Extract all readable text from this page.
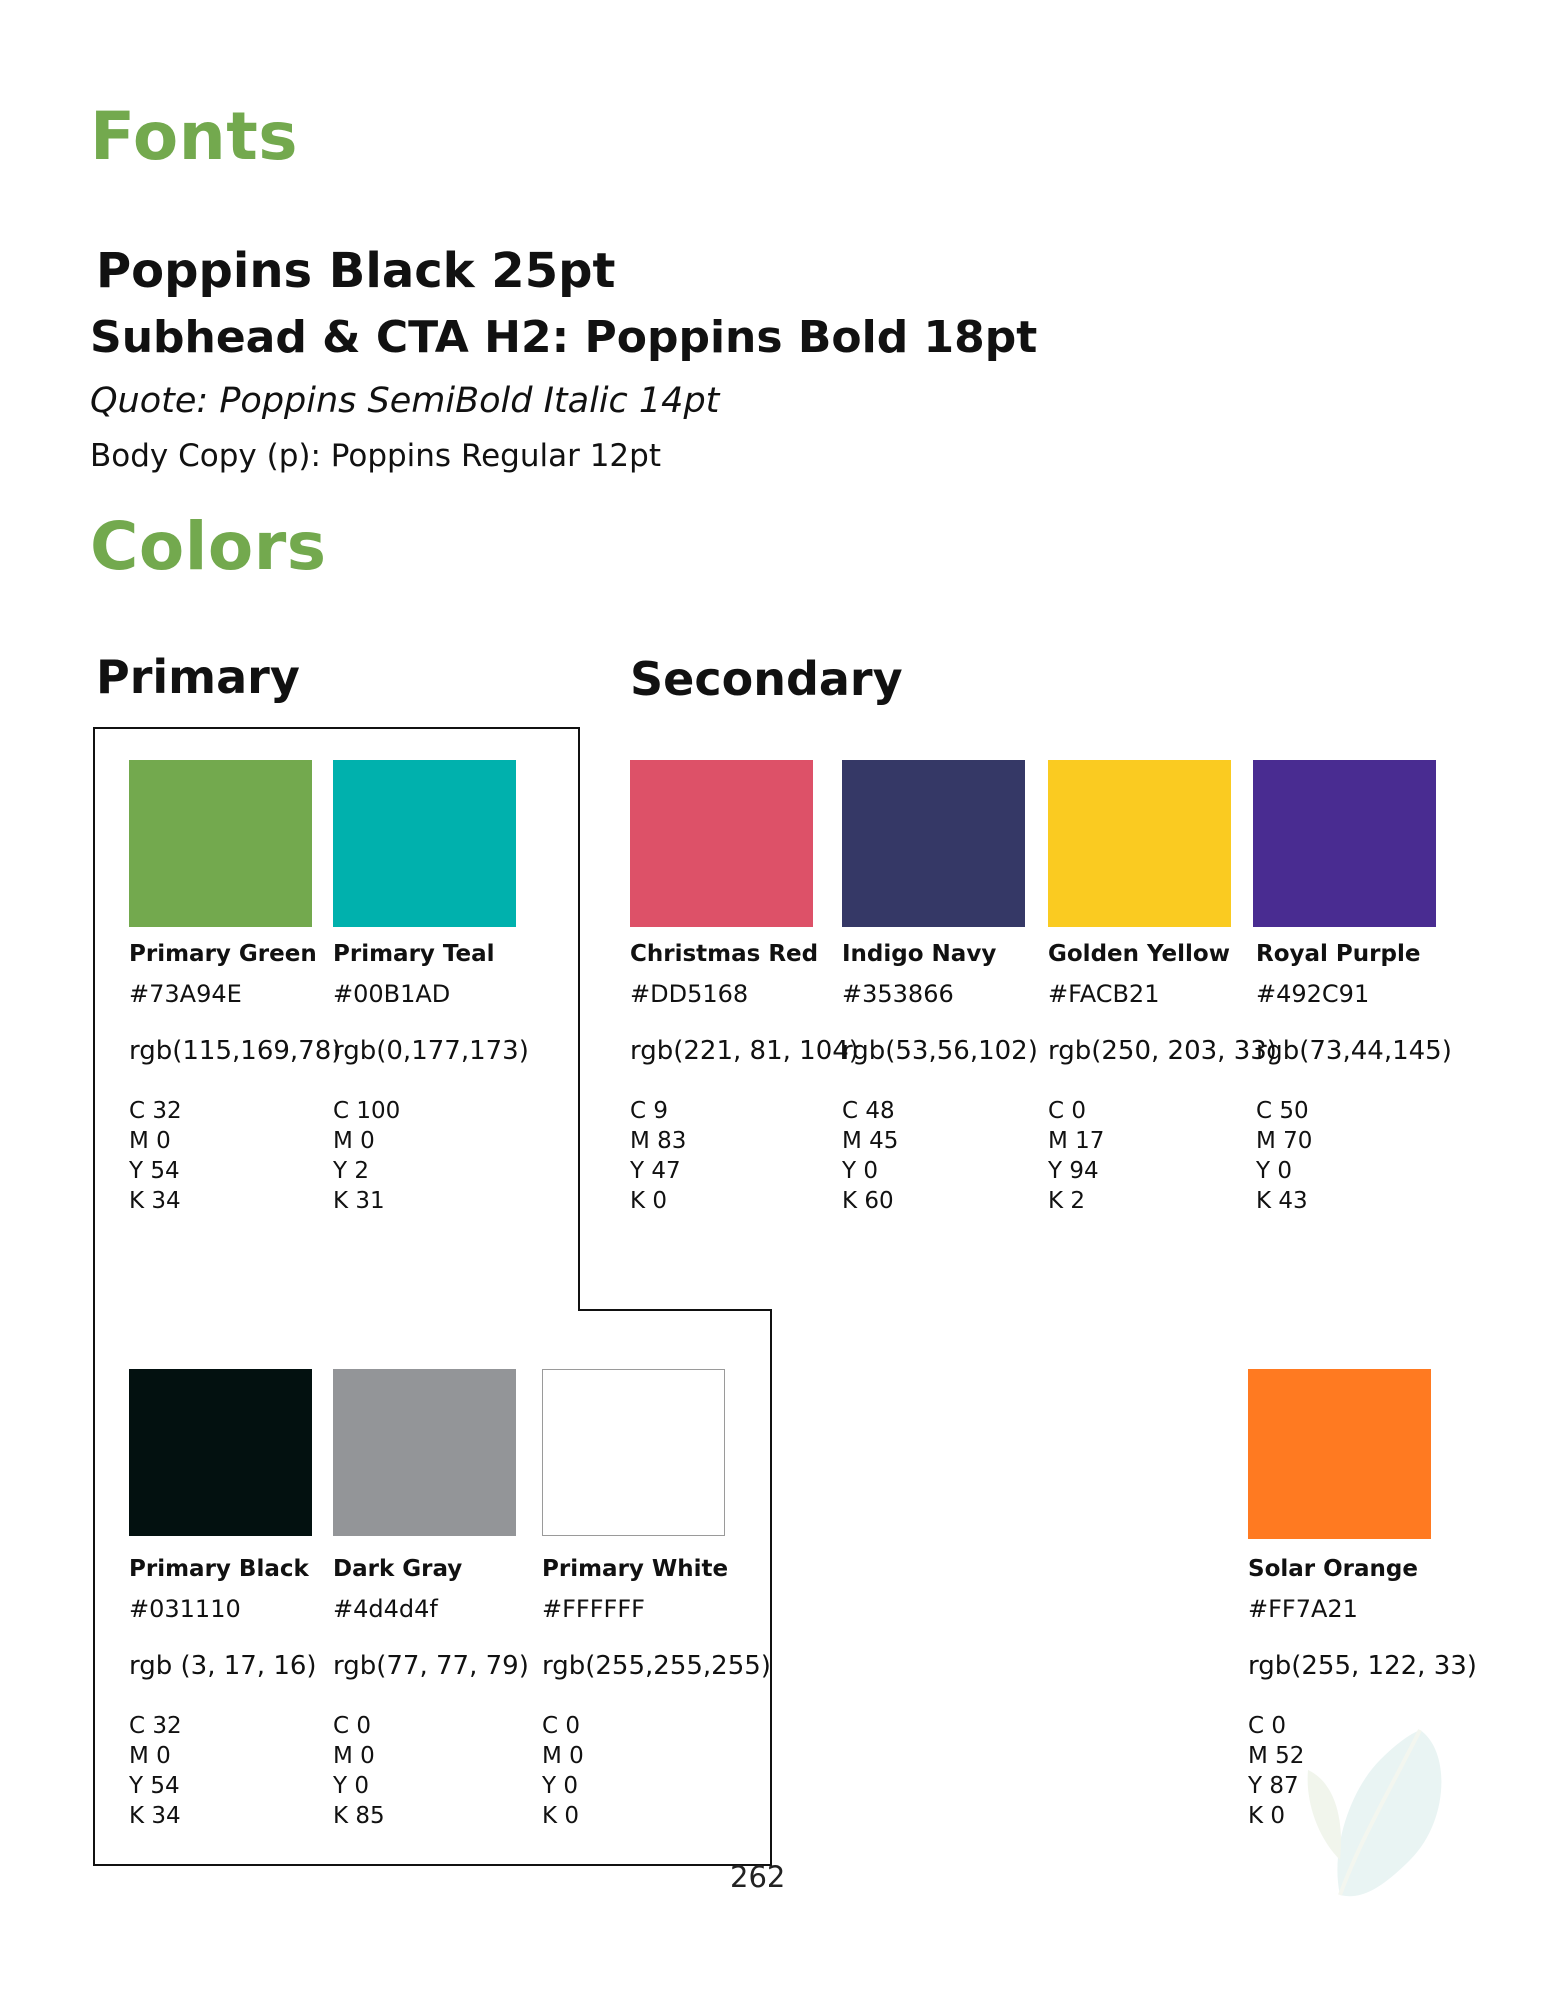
Fonts

Poppins Black 25pt

Subhead & CTA H2: Poppins Bold 18pt

Quote: Poppins SemiBold Italic 14pt

Body Copy (p): Poppins Regular 12pt

Colors
Primary	Secondary
Primary Green
#73A94E
rgb(115,169,78)
C 32
M 0
Y 54
K 34
Primary Teal
#00B1AD
rgb(0,177,173)
C 100
M 0
Y 2
K 31
Primary Black
#031110
rgb (3, 17, 16)
C 32
M 0
Y 54
K 34
Dark Gray
#4d4d4f
rgb(77, 77, 79)
C 0
M 0
Y 0
K 85
Primary White
#FFFFFF
rgb(255,255,255)
C 0
M 0
Y 0
K 0
Christmas Red
#DD5168
rgb(221, 81, 104)
C 9
M 83
Y 47
K 0
Indigo Navy
#353866
rgb(53,56,102)
C 48
M 45
Y 0
K 60
Golden Yellow
#FACB21
rgb(250, 203, 33)
C 0
M 17
Y 94
K 2
Royal Purple
#492C91
rgb(73,44,145)
C 50
M 70
Y 0
K 43
Solar Orange
#FF7A21
rgb(255, 122, 33)
C 0
M 52
Y 87
K 0
262
